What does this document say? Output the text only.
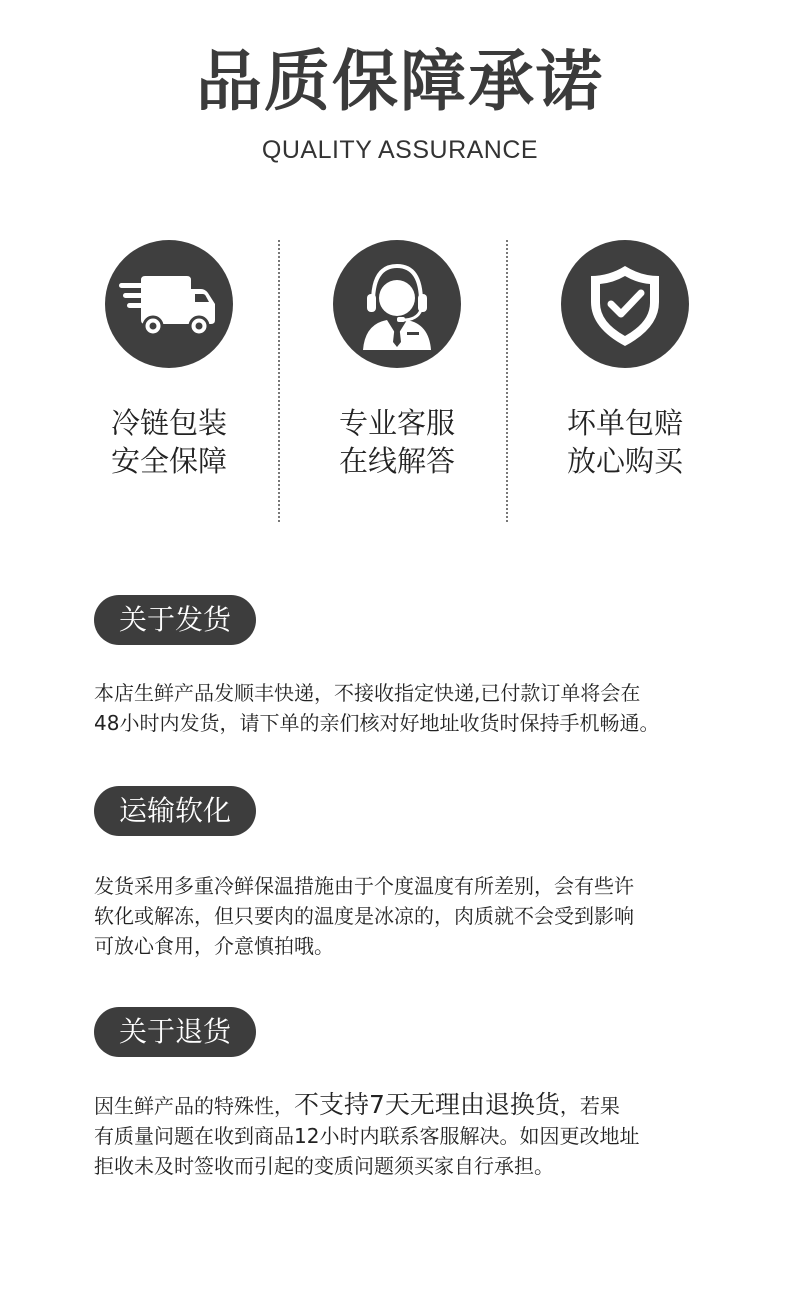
品质保障承诺
QUALITY ASSURANCE
冷链包装
安全保障
专业客服
在线解答
坏单包赔
放心购买
关于发货
本店生鲜产品发顺丰快递，不接收指定快递,已付款订单将会在
48小时内发货，请下单的亲们核对好地址收货时保持手机畅通。
运输软化
发货采用多重冷鲜保温措施由于个度温度有所差别，会有些许
软化或解冻，但只要肉的温度是冰凉的，肉质就不会受到影响
可放心食用，介意慎拍哦。
关于退货
因生鲜产品的特殊性，不支持7天无理由退换货，若果
有质量问题在收到商品12小时内联系客服解决。如因更改地址
拒收未及时签收而引起的变质问题须买家自行承担。
